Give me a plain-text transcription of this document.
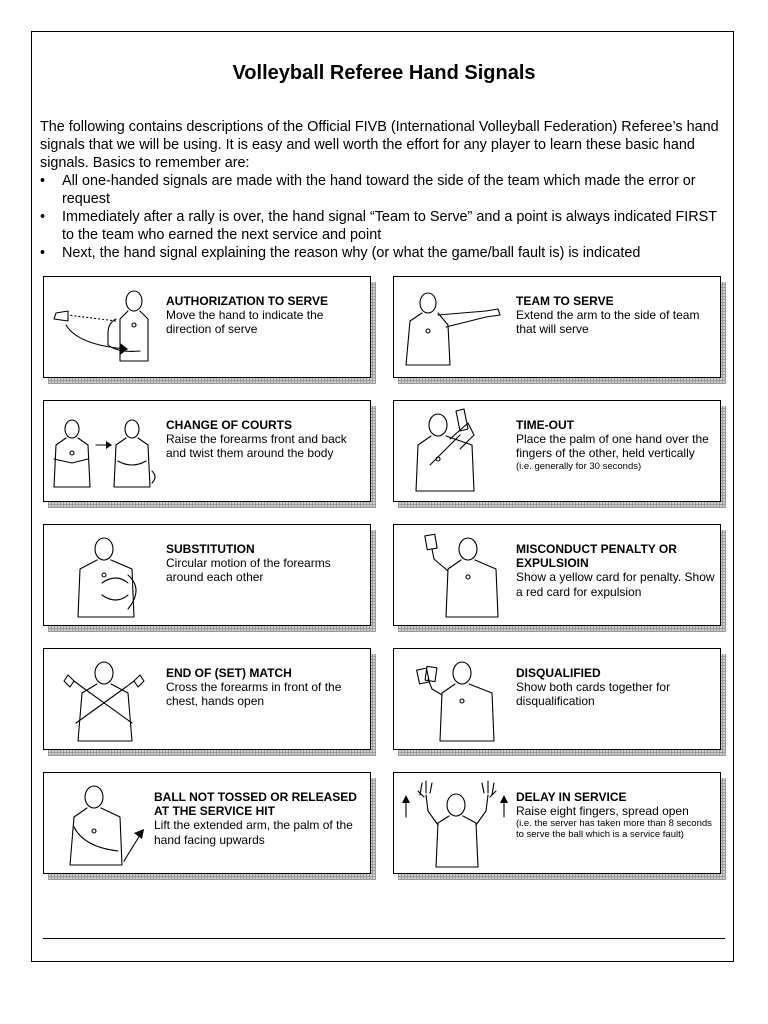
Volleyball Referee Hand Signals

The following contains descriptions of the Official FIVB (International Volleyball Federation) Referee’s hand signals that we will be using. It is easy and well worth the effort for any player to learn these basic hand signals. Basics to remember are:

• All one-handed signals are made with the hand toward the side of the team which made the error or request
• Immediately after a rally is over, the hand signal “Team to Serve” and a point is always indicated FIRST to the team who earned the next service and point
• Next, the hand signal explaining the reason why (or what the game/ball fault is) is indicated
AUTHORIZATION TO SERVE
Move the hand to indicate the direction of serve
TEAM TO SERVE
Extend the arm to the side of team that will serve
CHANGE OF COURTS
Raise the forearms front and back and twist them around the body
TIME-OUT
Place the palm of one hand over the fingers of the other, held vertically
(i.e. generally for 30 seconds)
SUBSTITUTION
Circular motion of the forearms around each other
MISCONDUCT PENALTY OR EXPULSIOIN
Show a yellow card for penalty. Show a red card for expulsion
END OF (SET) MATCH
Cross the forearms in front of the chest, hands open
DISQUALIFIED
Show both cards together for disqualification
BALL NOT TOSSED OR RELEASED AT THE SERVICE HIT
Lift the extended arm, the palm of the hand facing upwards
DELAY IN SERVICE
Raise eight fingers, spread open
(i.e. the server has taken more than 8 seconds to serve the ball which is a service fault)
